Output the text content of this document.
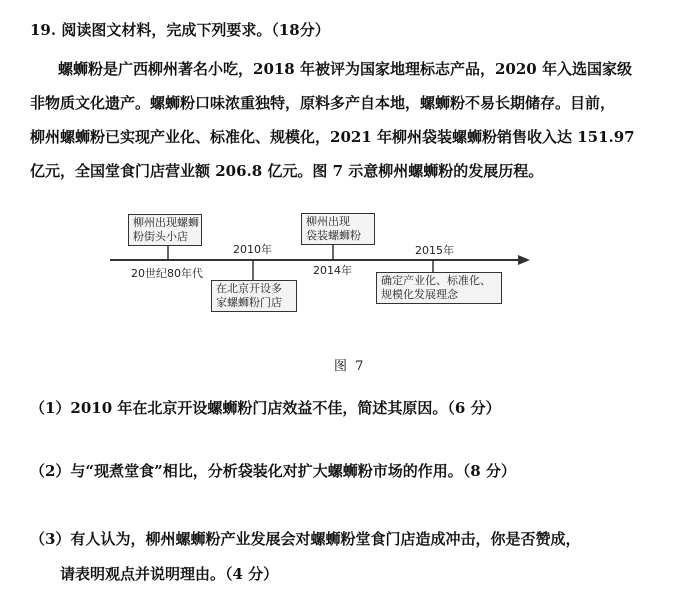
19. 阅读图文材料，完成下列要求。（18分）
螺蛳粉是广西柳州著名小吃，2018 年被评为国家地理标志产品，2020 年入选国家级
非物质文化遗产。螺蛳粉口味浓重独特，原料多产自本地，螺蛳粉不易长期储存。目前，
柳州螺蛳粉已实现产业化、标准化、规模化，2021 年柳州袋装螺蛳粉销售收入达 151.97
亿元，全国堂食门店营业额 206.8 亿元。图 7 示意柳州螺蛳粉的发展历程。
柳州出现螺蛳
粉街头小店
20世纪80年代
2010年
在北京开设多
家螺蛳粉门店
柳州出现
袋装螺蛳粉
2014年
2015年
确定产业化、标准化、
规模化发展理念
图 7
（1）2010 年在北京开设螺蛳粉门店效益不佳，简述其原因。（6 分）
（2）与“现煮堂食”相比，分析袋装化对扩大螺蛳粉市场的作用。（8 分）
（3）有人认为，柳州螺蛳粉产业发展会对螺蛳粉堂食门店造成冲击，你是否赞成，
请表明观点并说明理由。（4 分）
